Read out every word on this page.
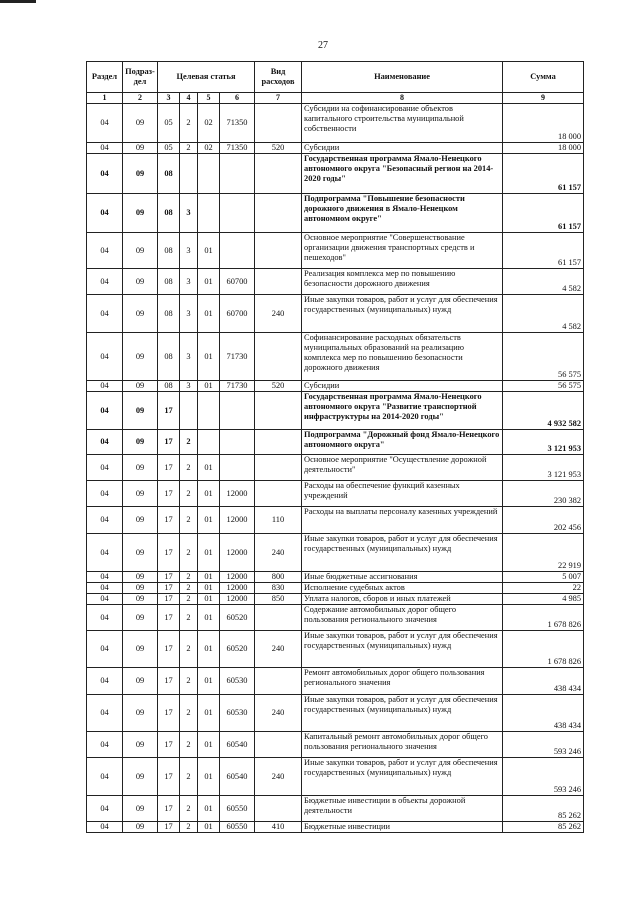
27
Раздел	Подраз-дел	Целевая статья				Вид расходов	Наименование	Сумма
1	2	3	4	5	6	7	8	9
04	09	05	2	02	71350		Субсидии на софинансирование объектов капитального строительства муниципальной собственности	18 000
04	09	05	2	02	71350	520	Субсидии	18 000
04	09	08					Государственная программа Ямало-Ненецкого автономного округа "Безопасный регион на 2014-2020 годы"	61 157
04	09	08	3				Подпрограмма "Повышение безопасности дорожного движения в Ямало-Ненецком автономном округе"	61 157
04	09	08	3	01			Основное мероприятие "Совершенствование организации движения транспортных средств и пешеходов"	61 157
04	09	08	3	01	60700		Реализация комплекса мер по повышению безопасности дорожного движения	4 582
04	09	08	3	01	60700	240	Иные закупки товаров, работ и услуг для обеспечения государственных (муниципальных) нужд	4 582
04	09	08	3	01	71730		Софинансирование расходных обязательств муниципальных образований на реализацию комплекса мер по повышению безопасности дорожного движения	56 575
04	09	08	3	01	71730	520	Субсидии	56 575
04	09	17					Государственная программа Ямало-Ненецкого автономного округа "Развитие транспортной инфраструктуры на 2014-2020 годы"	4 932 582
04	09	17	2				Подпрограмма "Дорожный фонд Ямало-Ненецкого автономного округа"	3 121 953
04	09	17	2	01			Основное мероприятие "Осуществление дорожной деятельности"	3 121 953
04	09	17	2	01	12000		Расходы на обеспечение функций казенных учреждений	230 382
04	09	17	2	01	12000	110	Расходы на выплаты персоналу казенных учреждений	202 456
04	09	17	2	01	12000	240	Иные закупки товаров, работ и услуг для обеспечения государственных (муниципальных) нужд	22 919
04	09	17	2	01	12000	800	Иные бюджетные ассигнования	5 007
04	09	17	2	01	12000	830	Исполнение судебных актов	22
04	09	17	2	01	12000	850	Уплата налогов, сборов и иных платежей	4 985
04	09	17	2	01	60520		Содержание автомобильных дорог общего пользования регионального значения	1 678 826
04	09	17	2	01	60520	240	Иные закупки товаров, работ и услуг для обеспечения государственных (муниципальных) нужд	1 678 826
04	09	17	2	01	60530		Ремонт автомобильных дорог общего пользования регионального значения	438 434
04	09	17	2	01	60530	240	Иные закупки товаров, работ и услуг для обеспечения государственных (муниципальных) нужд	438 434
04	09	17	2	01	60540		Капитальный ремонт автомобильных дорог общего пользования регионального значения	593 246
04	09	17	2	01	60540	240	Иные закупки товаров, работ и услуг для обеспечения государственных (муниципальных) нужд	593 246
04	09	17	2	01	60550		Бюджетные инвестиции в объекты дорожной деятельности	85 262
04	09	17	2	01	60550	410	Бюджетные инвестиции	85 262
